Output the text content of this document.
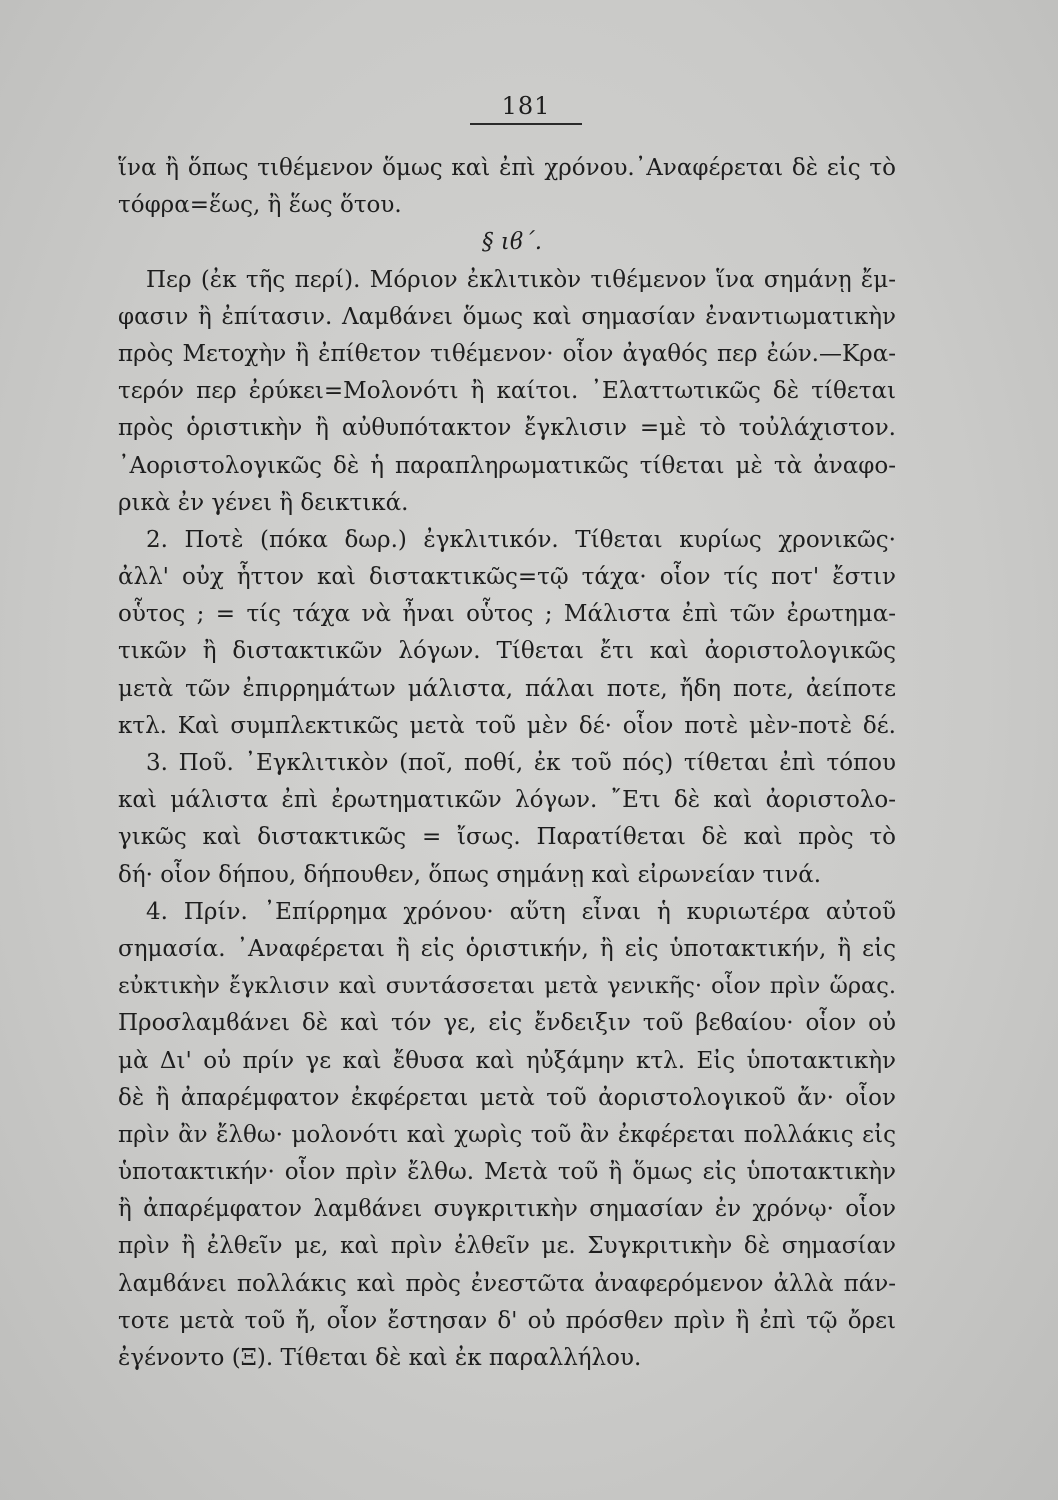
181
ἵνα ἢ ὅπως τιθέμενον ὅμως καὶ ἐπὶ χρόνου.᾿Αναφέρεται δὲ εἰς τὸ
τόφρα=ἕως, ἢ ἕως ὅτου.
§ ιϐ΄.
Περ (ἐκ τῆς περί). Μόριον ἐκλιτικὸν τιθέμενον ἵνα σημάνῃ ἔμ-
φασιν ἢ ἐπίτασιν. Λαμϐάνει ὅμως καὶ σημασίαν ἐναντιωματικὴν
πρὸς Μετοχὴν ἢ ἐπίθετον τιθέμενον· οἷον ἀγαθός περ ἐών.—Κρα-
τερόν περ ἐρύκει=Μολονότι ἢ καίτοι. ᾿Ελαττωτικῶς δὲ τίθεται
πρὸς ὁριστικὴν ἢ αὐθυπότακτον ἔγκλισιν =μὲ τὸ τοὐλάχιστον.
᾿Αοριστολογικῶς δὲ ἡ παραπληρωματικῶς τίθεται μὲ τὰ ἀναφο-
ρικὰ ἐν γένει ἢ δεικτικά.
2. Ποτὲ (πόκα δωρ.) ἐγκλιτικόν. Τίθεται κυρίως χρονικῶς·
ἀλλ' οὐχ ἧττον καὶ διστακτικῶς=τῷ τάχα· οἷον τίς ποτ' ἔστιν
οὗτος ; = τίς τάχα νὰ ἦναι οὗτος ; Μάλιστα ἐπὶ τῶν ἐρωτημα-
τικῶν ἢ διστακτικῶν λόγων. Τίθεται ἔτι καὶ ἀοριστολογικῶς
μετὰ τῶν ἐπιρρημάτων μάλιστα, πάλαι ποτε, ἤδη ποτε, ἀείποτε
κτλ. Καὶ συμπλεκτικῶς μετὰ τοῦ μὲν δέ· οἷον ποτὲ μὲν-ποτὲ δέ.
3. Ποῦ. ᾿Εγκλιτικὸν (ποῖ, ποθί, ἐκ τοῦ πός) τίθεται ἐπὶ τόπου
καὶ μάλιστα ἐπὶ ἐρωτηματικῶν λόγων. ῎Ετι δὲ καὶ ἀοριστολο-
γικῶς καὶ διστακτικῶς = ἴσως. Παρατίθεται δὲ καὶ πρὸς τὸ
δή· οἷον δήπου, δήπουθεν, ὅπως σημάνῃ καὶ εἰρωνείαν τινά.
4. Πρίν. ᾿Επίρρημα χρόνου· αὕτη εἶναι ἡ κυριωτέρα αὐτοῦ
σημασία. ᾿Αναφέρεται ἢ εἰς ὁριστικήν, ἢ εἰς ὑποτακτικήν, ἢ εἰς
εὐκτικὴν ἔγκλισιν καὶ συντάσσεται μετὰ γενικῆς· οἷον πρὶν ὥρας.
Προσλαμϐάνει δὲ καὶ τόν γε, εἰς ἔνδειξιν τοῦ βεϐαίου· οἷον οὐ
μὰ Δι' οὐ πρίν γε καὶ ἔθυσα καὶ ηὐξάμην κτλ. Εἰς ὑποτακτικὴν
δὲ ἢ ἀπαρέμφατον ἐκφέρεται μετὰ τοῦ ἀοριστολογικοῦ ἄν· οἷον
πρὶν ἂν ἔλθω· μολονότι καὶ χωρὶς τοῦ ἂν ἐκφέρεται πολλάκις εἰς
ὑποτακτικήν· οἷον πρὶν ἔλθω. Μετὰ τοῦ ἢ ὅμως εἰς ὑποτακτικὴν
ἢ ἀπαρέμφατον λαμϐάνει συγκριτικὴν σημασίαν ἐν χρόνῳ· οἷον
πρὶν ἢ ἐλθεῖν με, καὶ πρὶν ἐλθεῖν με. Συγκριτικὴν δὲ σημασίαν
λαμϐάνει πολλάκις καὶ πρὸς ἐνεστῶτα ἀναφερόμενον ἀλλὰ πάν-
τοτε μετὰ τοῦ ἤ, οἷον ἔστησαν δ' οὐ πρόσθεν πρὶν ἢ ἐπὶ τῷ ὄρει
ἐγένοντο (Ξ). Τίθεται δὲ καὶ ἐκ παραλλήλου.
